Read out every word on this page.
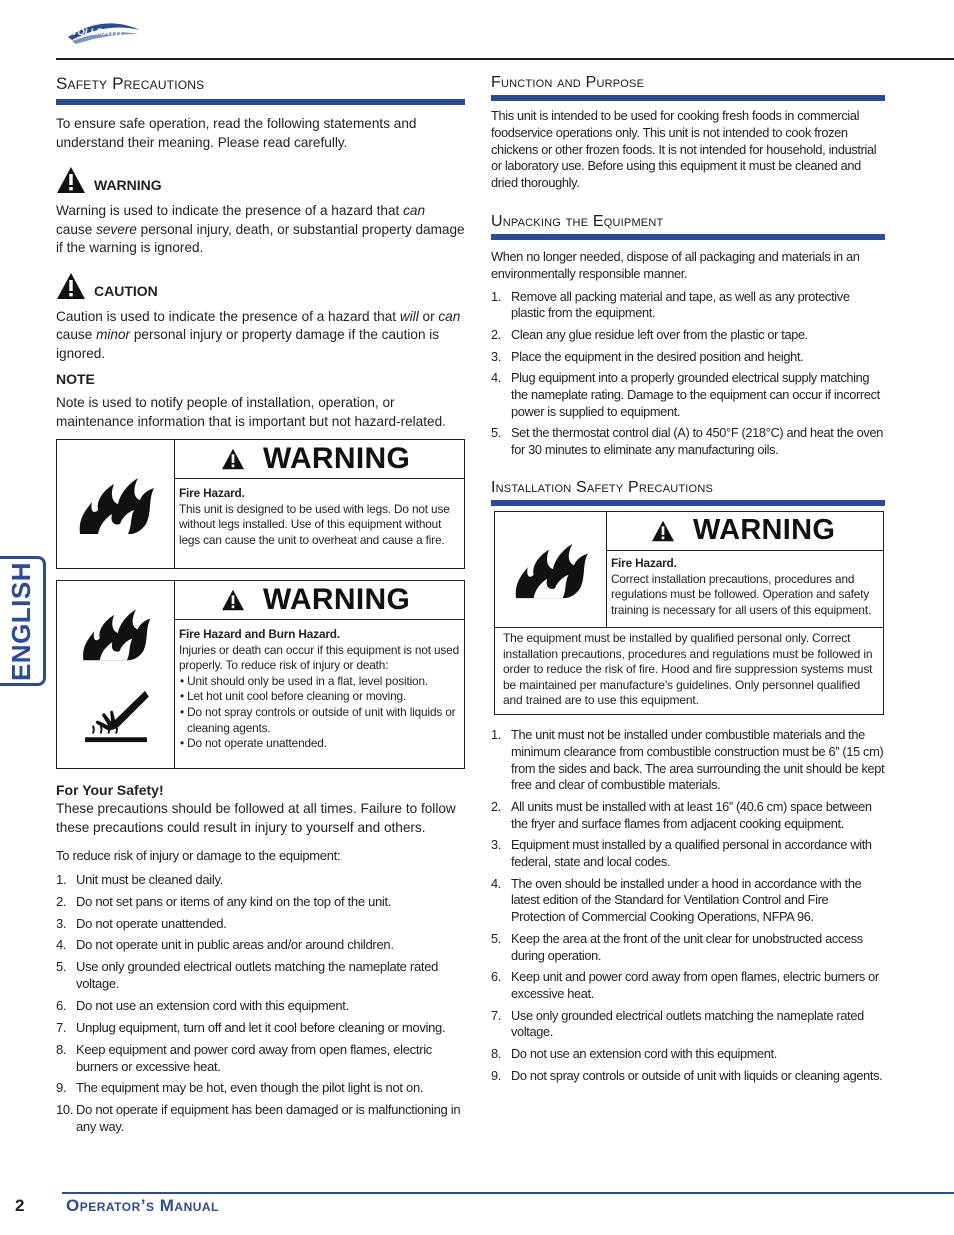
VOLLRATH
ENGLISH
Safety Precautions

To ensure safe operation, read the following statements and understand their meaning. Please read carefully.

WARNING

Warning is used to indicate the presence of a hazard that can cause severe personal injury, death, or substantial property damage if the warning is ignored.

CAUTION

Caution is used to indicate the presence of a hazard that will or can cause minor personal injury or property damage if the caution is ignored.

NOTE

Note is used to notify people of installation, operation, or maintenance information that is important but not hazard-related.

WARNING
Fire Hazard.
This unit is designed to be used with legs. Do not use without legs installed. Use of this equipment without legs can cause the unit to overheat and cause a fire.
WARNING
Fire Hazard and Burn Hazard.
Injuries or death can occur if this equipment is not used properly. To reduce risk of injury or death:
• Unit should only be used in a flat, level position.
• Let hot unit cool before cleaning or moving.
• Do not spray controls or outside of unit with liquids or cleaning agents.
• Do not operate unattended.
For Your Safety!

These precautions should be followed at all times. Failure to follow these precautions could result in injury to yourself and others.

To reduce risk of injury or damage to the equipment:
1. Unit must be cleaned daily.
2. Do not set pans or items of any kind on the top of the unit.
3. Do not operate unattended.
4. Do not operate unit in public areas and/or around children.
5. Use only grounded electrical outlets matching the nameplate rated voltage.
6. Do not use an extension cord with this equipment.
7. Unplug equipment, turn off and let it cool before cleaning or moving.
8. Keep equipment and power cord away from open flames, electric burners or excessive heat.
9. The equipment may be hot, even though the pilot light is not on.
10. Do not operate if equipment has been damaged or is malfunctioning in any way.
Function and Purpose

This unit is intended to be used for cooking fresh foods in commercial foodservice operations only. This unit is not intended to cook frozen chickens or other frozen foods. It is not intended for household, industrial or laboratory use. Before using this equipment it must be cleaned and dried thoroughly.

Unpacking the Equipment

When no longer needed, dispose of all packaging and materials in an environmentally responsible manner.

1. Remove all packing material and tape, as well as any protective plastic from the equipment.
2. Clean any glue residue left over from the plastic or tape.
3. Place the equipment in the desired position and height.
4. Plug equipment into a properly grounded electrical supply matching the nameplate rating. Damage to the equipment can occur if incorrect power is supplied to equipment.
5. Set the thermostat control dial (A) to 450°F (218°C) and heat the oven for 30 minutes to eliminate any manufacturing oils.
Installation Safety Precautions
WARNING
Fire Hazard.
Correct installation precautions, procedures and regulations must be followed. Operation and safety training is necessary for all users of this equipment.
The equipment must be installed by qualified personal only. Correct installation precautions, procedures and regulations must be followed in order to reduce the risk of fire. Hood and fire suppression systems must be maintained per manufacture’s guidelines. Only personnel qualified and trained are to use this equipment.
1. The unit must not be installed under combustible materials and the minimum clearance from combustible construction must be 6” (15 cm) from the sides and back. The area surrounding the unit should be kept free and clear of combustible materials.
2. All units must be installed with at least 16” (40.6 cm) space between the fryer and surface flames from adjacent cooking equipment.
3. Equipment must installed by a qualified personal in accordance with federal, state and local codes.
4. The oven should be installed under a hood in accordance with the latest edition of the Standard for Ventilation Control and Fire Protection of Commercial Cooking Operations, NFPA 96.
5. Keep the area at the front of the unit clear for unobstructed access during operation.
6. Keep unit and power cord away from open flames, electric burners or excessive heat.
7. Use only grounded electrical outlets matching the nameplate rated voltage.
8. Do not use an extension cord with this equipment.
9. Do not spray controls or outside of unit with liquids or cleaning agents.
2 Operator’s Manual
